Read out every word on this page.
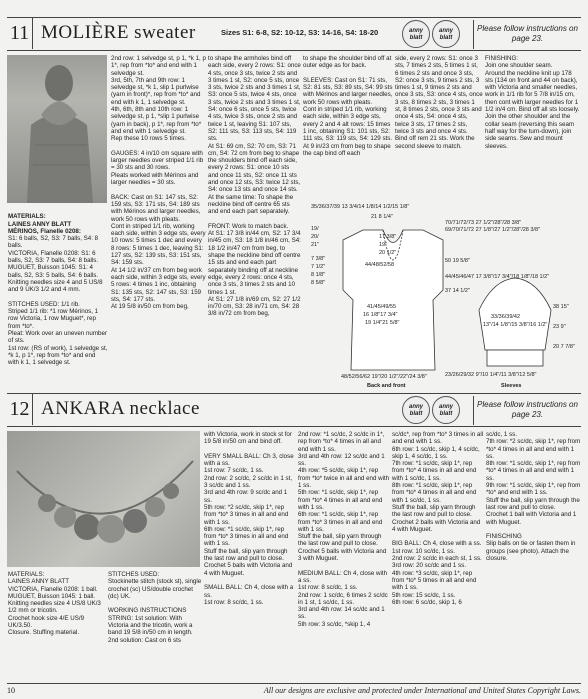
11 MOLIÈRE sweater	Sizes S1: 6-8, S2: 10-12, S3: 14-16, S4: 18-20	anny blatt
anny blatt
Please follow instructions on page 23.

MATERIALS:
LAINES ANNY BLATT
MÉRINOS, Flanelle 0208:
S1: 6 balls, S2, S3: 7 balls, S4: 8 balls.
VICTORIA, Flanelle 0208: S1: 6 balls, S2, S3: 7 balls, S4: 8 balls.
MUGUET, Buisson 1045: S1: 4 balls, S2, S3: 5 balls, S4: 6 balls.
Knitting needles size 4 and 5 US/8 and 9 UK/3 1/2 and 4 mm.

STITCHES USED: 1/1 rib.
Striped 1/1 rib: *1 row Mérinos, 1 row Victoria, 1 row Muguet*, rep from *to*.
Pleat: Work over an uneven number of sts.
1st row: (RS of work), 1 selvedge st, *k 1, p 1*, rep from *to* and end with k 1, 1 selvedge st.

2nd row: 1 selvedge st, p 1, *k 1, p 1*, rep from *to* and end with 1 selvedge st.
3rd, 5th, 7th and 9th row: 1 selvedge st, *k 1, slip 1 purlwise (yarn in front)*, rep from *to* and end with k 1, 1 selvedge st.
4th, 6th, 8th and 10th row: 1 selvedge st, p 1, *slip 1 purlwise (yarn in back), p 1*, rep from *to* and end with 1 selvedge st.
Rep these 10 rows 5 times.

GAUGES: 4 in/10 cm square with larger needles over striped 1/1 rib = 30 sts and 30 rows.
Pleats worked with Mérinos and larger needles = 30 sts.

BACK: Cast on S1: 147 sts, S2: 159 sts, S3: 171 sts, S4: 189 sts with Mérinos and larger needles, work 50 rows with pleats.
Cont in striped 1/1 rib, working each side, within 3 edge sts, every 10 rows: 5 times 1 dec and every 8 rows: 5 times 1 dec, leaving S1: 127 sts, S2: 139 sts, S3: 151 sts, S4: 159 sts.
At 14 1/2 in/37 cm from beg work each side, within 3 edge sts, every 5 rows: 4 times 1 inc, obtaining S1: 135 sts, S2: 147 sts, S3: 159 sts, S4: 177 sts.
At 19 5/8 in/50 cm from beg,
to shape the armholes bind off each side, every 2 rows: S1: once 4 sts, once 3 sts, twice 2 sts and 3 times 1 st, S2: once 5 sts, once 3 sts, twice 2 sts and 3 times 1 st, S3: once 5 sts, twice 4 sts, once 3 sts, twice 2 sts and 3 times 1 st, S4: once 6 sts, once 5 sts, twice 4 sts, twice 3 sts, once 2 sts and twice 1 st, leaving S1: 107 sts, S2: 111 sts, S3: 113 sts, S4: 119 sts.
At S1: 69 cm, S2: 70 cm, S3: 71 cm, S4: 72 cm from beg to shape the shoulders bind off each side, every 2 rows: S1: once 10 sts and once 11 sts, S2: once 11 sts and once 12 sts, S3: twice 12 sts, S4: once 13 sts and once 14 sts.
At the same time: To shape the neckline bind off centre 65 sts and end each part separately.

FRONT: Work to match back.
At S1: 17 3/8 in/44 cm, S2: 17 3/4 in/45 cm, S3: 18 1/8 in/46 cm, S4: 18 1/2 in/47 cm from beg, to shape the neckline bind off centre 15 sts and end each part separately binding off at neckline edge, every 2 rows: once 4 sts, once 3 sts, 3 times 2 sts and 10 times 1 st.
At S1: 27 1/8 in/69 cm, S2: 27 1/2 in/70 cm, S3: 28 in/71 cm, S4: 28 3/8 in/72 cm from beg,
to shape the shoulder bind off at outer edge as for back.

SLEEVES: Cast on S1: 71 sts, S2: 81 sts, S3: 89 sts, S4: 99 sts with Mérinos and larger needles, work 50 rows with pleats.
Cont in striped 1/1 rib, working each side, within 3 edge sts, every 2 and 4 alt rows: 15 times 1 inc, obtaining S1: 101 sts, S2: 111 sts, S3: 119 sts, S4: 129 sts.
At 9 in/23 cm from beg to shape the cap bind off each
side, every 2 rows: S1: once 3 sts, 7 times 2 sts, 5 times 1 st, 6 times 2 sts and once 3 sts, S2: once 3 sts, 9 times 2 sts, 3 times 1 st, 9 times 2 sts and once 3 sts, S3: once 4 sts, once 3 sts, 8 times 2 sts, 3 times 1 st, 8 times 2 sts, once 3 sts and once 4 sts, S4: once 4 sts, twice 3 sts, 17 times 2 sts, twice 3 sts and once 4 sts.
Bind off rem 21 sts. Work the second sleeve to match.
FINISHING:
Join one shoulder seam.
Around the neckline knit up 178 sts (134 on front and 44 on back), with Victoria and smaller needles, work in 1/1 rib for 5 7/8 in/15 cm, then cont with larger needles for 1 1/2 in/4 cm. Bind off all sts loosely.
Join the other shoulder and the collar seam (reversing this seam half way for the turn-down), join side seams. Sew and mount sleeves.
35/36/37/39 13 3/4/14 1/8/14 1/2/15 1/8"
21 8 1/4"
17 3/8"
19"
20 1/2"
19/
20/
21"
7 3/8"
7 1/2"
8 1/8"
8 5/8"
44/48/52/58
41/45/49/55
16 1/8"17 3/4"
19 1/4"21 5/8"
48/52/56/62 19"/20 1/2"/22"/24 3/8"
Back and front
70/71/72/73 27 1/2"/28"/28 3/8"
69/70/71/72 27 1/8"/27 1/2"/28"/28 3/8"
50 19 5/8"
44/45/46/47 17 3/8"/17 3/4"/18 1/8"/18 1/2"
37 14 1/2"
38 15"
33/36/39/42
13"/14 1/8"/15 3/8"/16 1/2" 23 9"
20 7 7/8"
23/26/29/32 9"/10 1/4"/11 3/8"/12 5/8"
Sleeves
12 ANKARA necklace	anny blatt
anny blatt
Please follow instructions on page 23.
MATERIALS:
LAINES ANNY BLATT
VICTORIA, Flanelle 0208: 1 ball.
MUGUET, Buisson 1045: 1 ball.
Knitting needles size 4 US/8 UK/3 1/2 mm or tricotin.
Crochet hook size 4/E US/9 UK/3.50.
Closure. Stuffing material.
STITCHES USED:
Stockinette stitch (stock st), single crochet (sc) US/double crochet (dc) UK.

WORKING INSTRUCTIONS
STRING: 1st solution: With Victoria and the tricotin, work a band 19 5/8 in/50 cm in length.
2nd solution: Cast on 6 sts
with Victoria, work in stock st for 19 5/8 in/50 cm and bind off.

VERY SMALL BALL: Ch 3, close with a ss.
1st row: 7 sc/dc, 1 ss.
2nd row: 2 sc/dc, 2 sc/dc in 1 st, 3 sc/dc and 1 ss.
3rd and 4th row: 9 sc/dc and 1 ss.
5th row: *2 sc/dc, skip 1*, rep from *to* 3 times in all and end with 1 ss.
6th row: *1 sc/dc, skip 1*, rep from *to* 3 times in all and end with 1 ss.
Stuff the ball, slip yarn through the last row and pull to close.
Crochet 5 balls with Victoria and 4 with Muguet.

SMALL BALL: Ch 4, close with a ss.
1st row: 8 sc/dc, 1 ss.
2nd row: *1 sc/dc, 2 sc/dc in 1*, rep from *to* 4 times in all and end with 1 ss.
3rd and 4th row: 12 sc/dc and 1 ss.
4th row: *5 sc/dc, skip 1*, rep from *to* twice in all and end with 1 ss.
5th row: *1 sc/dc, skip 1*, rep from *to* 4 times in all and end with 1 ss.
6th row: *1 sc/dc, skip 1*, rep from *to* 3 times in all and end with 1 ss.
Stuff the ball, slip yarn through the last row and pull to close.
Crochet 5 balls with Victoria and 3 with Muguet.

MEDIUM BALL: Ch 4, close with a ss.
1st row: 8 sc/dc, 1 ss.
2nd row: 1 sc/dc, 6 times 2 sc/dc in 1 st, 1 sc/dc, 1 ss.
3rd and 4th row: 14 sc/dc and 1 ss.
5th row: 3 sc/dc, *skip 1, 4
sc/dc*, rep from *to* 3 times in all and end with 1 ss.
6th row: 1 sc/dc, skip 1, 4 sc/dc, skip 1, 4 sc/dc, 1 ss.
7th row: *1 sc/dc, skip 1*, rep from *to* 4 times in all and end with 1 sc/dc, 1 ss.
8th row: *1 sc/dc, skip 1*, rep from *to* 4 times in all and end with 1 sc/dc, 1 ss.
Stuff the ball, slip yarn through the last row and pull to close.
Crochet 2 balls with Victoria and 4 with Muguet.

BIG BALL: Ch 4, close with a ss.
1st row: 10 sc/dc, 1 ss.
2nd row: 2 sc/dc in each st, 1 ss.
3rd row: 20 sc/dc and 1 ss.
4th row: *3 sc/dc, skip 1*, rep from *to* 5 times in all and end with 1 ss.
5th row: 15 sc/dc, 1 ss.
6th row: 6 sc/dc, skip 1, 6
sc/dc, 1 ss.
7th row: *2 sc/dc, skip 1*, rep from *to* 4 times in all and end with 1 ss.
8th row: *1 sc/dc, skip 1*, rep from *to* 4 times in all and end with 1 ss.
9th row: *1 sc/dc, skip 1*, rep from *to* and end with 1 ss.
Stuff the ball, slip yarn through the last row and pull to close.
Crochet 1 ball with Victoria and 1 with Muguet.

FINISCHING
Slip balls on tie or fasten them in groups (see photo). Attach the closure.
10	All our designs are exclusive and protected under International and United States Copyright Laws.
